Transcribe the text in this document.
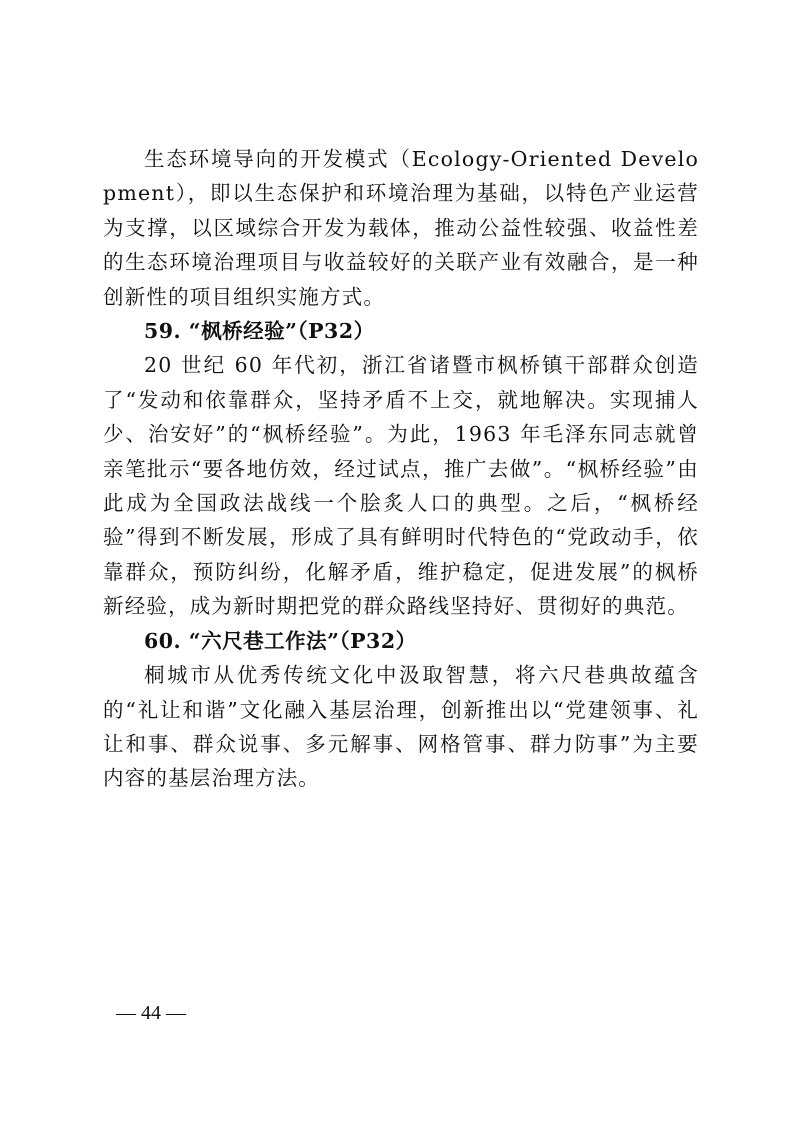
生态环境导向的开发模式（Ecology-Oriented Development），即以生态保护和环境治理为基础，以特色产业运营为支撑，以区域综合开发为载体，推动公益性较强、收益性差的生态环境治理项目与收益较好的关联产业有效融合，是一种创新性的项目组织实施方式。

59. “枫桥经验”（P32）

20 世纪 60 年代初，浙江省诸暨市枫桥镇干部群众创造了“发动和依靠群众，坚持矛盾不上交，就地解决。实现捕人少、治安好”的“枫桥经验”。为此，1963 年毛泽东同志就曾亲笔批示“要各地仿效，经过试点，推广去做”。“枫桥经验”由此成为全国政法战线一个脍炙人口的典型。之后，“枫桥经验”得到不断发展，形成了具有鲜明时代特色的“党政动手，依靠群众，预防纠纷，化解矛盾，维护稳定，促进发展”的枫桥新经验，成为新时期把党的群众路线坚持好、贯彻好的典范。

60. “六尺巷工作法”（P32）

桐城市从优秀传统文化中汲取智慧，将六尺巷典故蕴含的“礼让和谐”文化融入基层治理，创新推出以“党建领事、礼让和事、群众说事、多元解事、网格管事、群力防事”为主要内容的基层治理方法。

— 44 —
